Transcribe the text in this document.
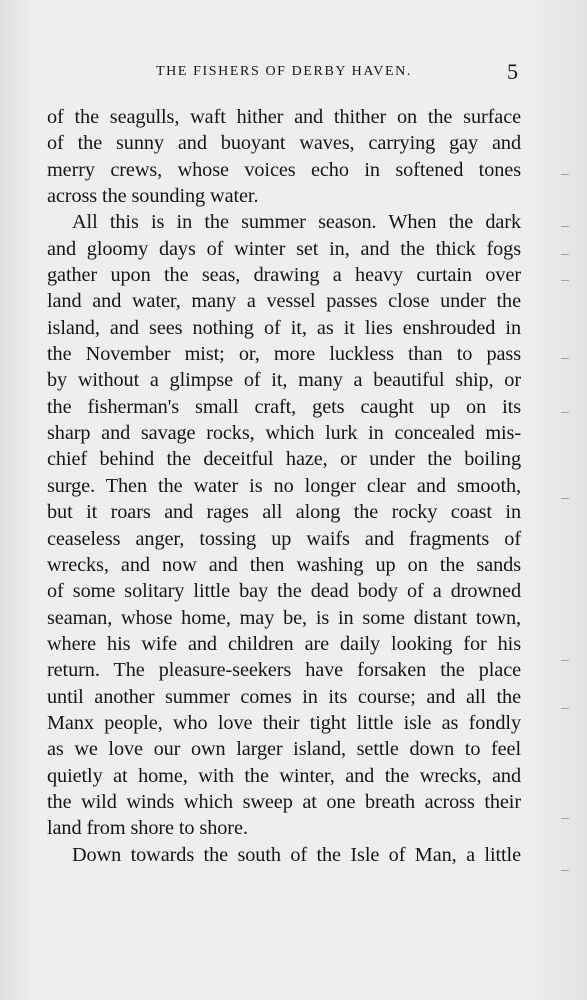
THE FISHERS OF DERBY HAVEN.	5
of the seagulls, waft hither and thither on the surface
of the sunny and buoyant waves, carrying gay and
merry crews, whose voices echo in softened tones
across the sounding water.
All this is in the summer season. When the dark
and gloomy days of winter set in, and the thick fogs
gather upon the seas, drawing a heavy curtain over
land and water, many a vessel passes close under the
island, and sees nothing of it, as it lies enshrouded in
the November mist; or, more luckless than to pass
by without a glimpse of it, many a beautiful ship, or
the fisherman's small craft, gets caught up on its
sharp and savage rocks, which lurk in concealed mis-
chief behind the deceitful haze, or under the boiling
surge. Then the water is no longer clear and smooth,
but it roars and rages all along the rocky coast in
ceaseless anger, tossing up waifs and fragments of
wrecks, and now and then washing up on the sands
of some solitary little bay the dead body of a drowned
seaman, whose home, may be, is in some distant town,
where his wife and children are daily looking for his
return. The pleasure-seekers have forsaken the place
until another summer comes in its course; and all the
Manx people, who love their tight little isle as fondly
as we love our own larger island, settle down to feel
quietly at home, with the winter, and the wrecks, and
the wild winds which sweep at one breath across their
land from shore to shore.
Down towards the south of the Isle of Man, a little
